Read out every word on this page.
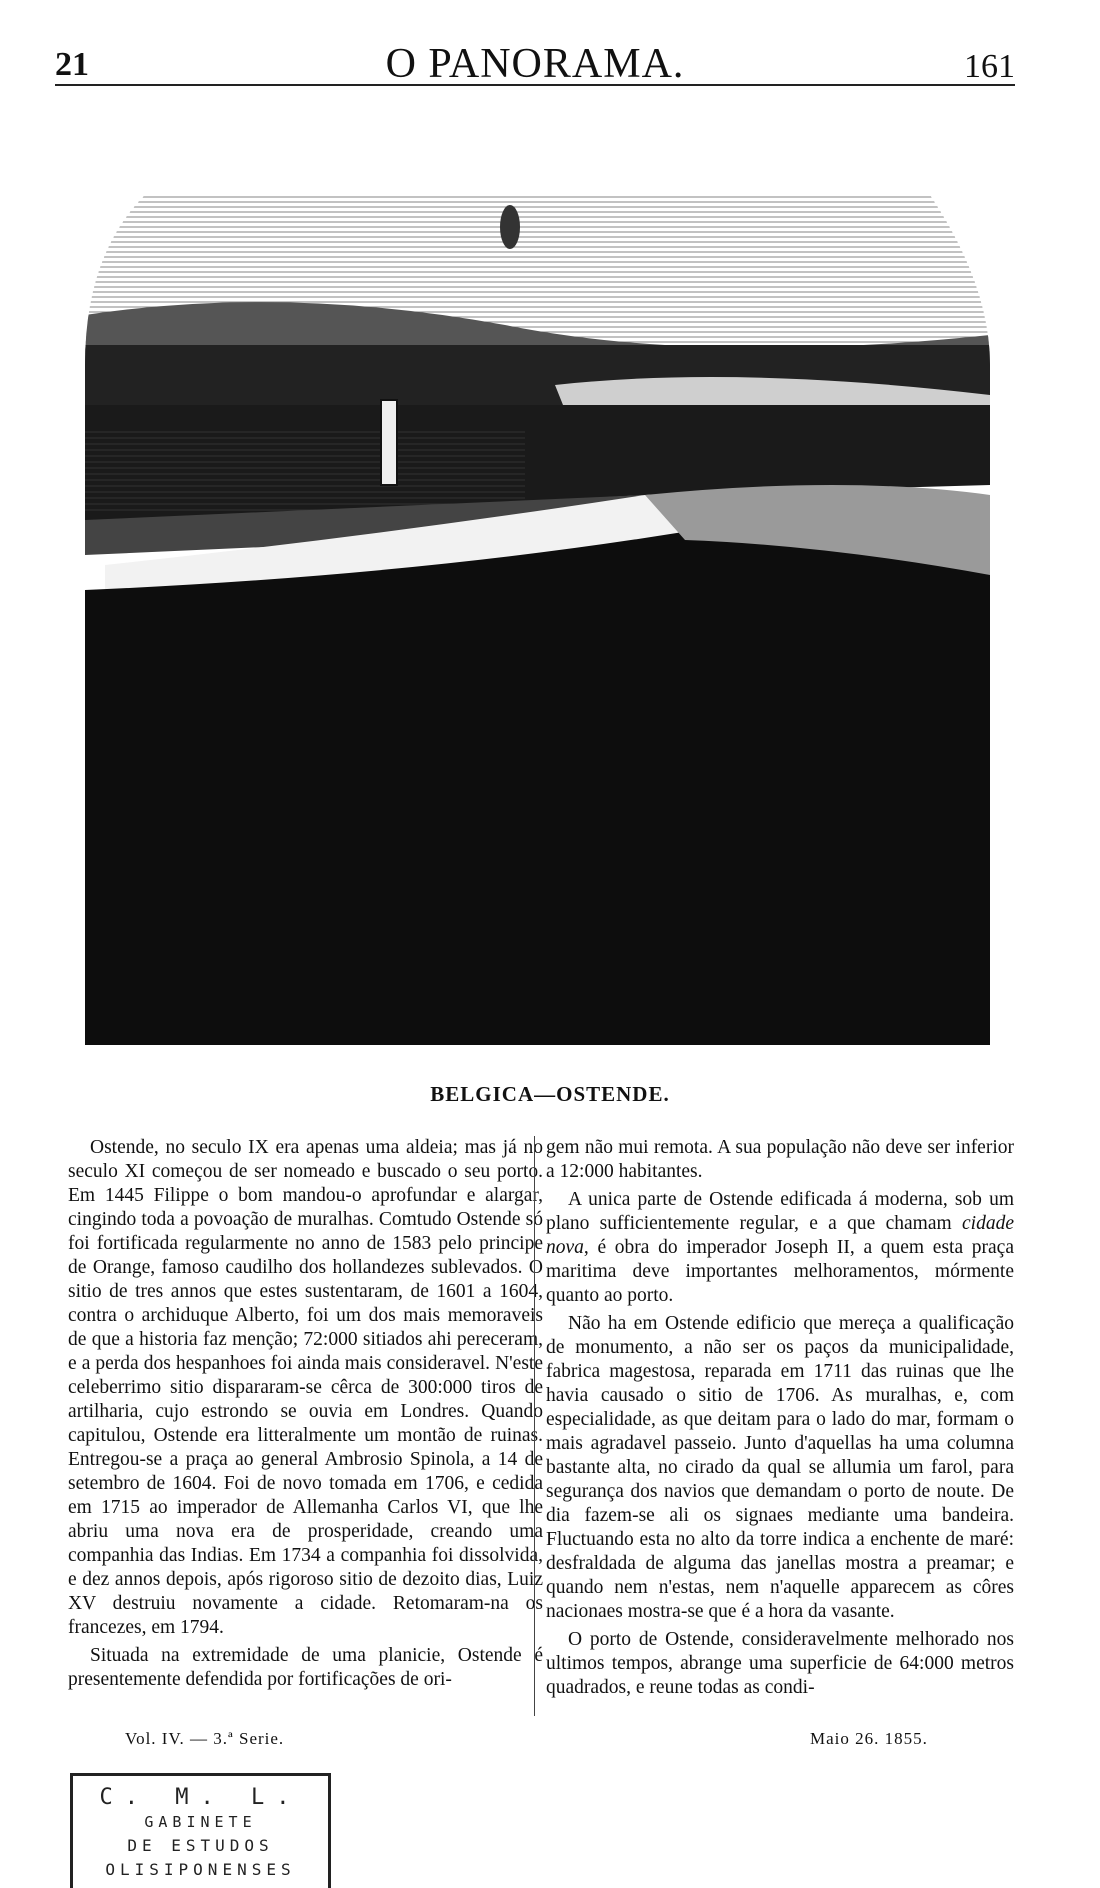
21	O PANORAMA.	161
BELGICA—OSTENDE.

Ostende, no seculo IX era apenas uma aldeia; mas já no seculo XI começou de ser nomeado e buscado o seu porto. Em 1445 Filippe o bom mandou-o aprofundar e alargar, cingindo toda a povoação de muralhas. Comtudo Ostende só foi fortificada regularmente no anno de 1583 pelo principe de Orange, famoso caudilho dos hollandezes sublevados. O sitio de tres annos que estes sustentaram, de 1601 a 1604, contra o archiduque Alberto, foi um dos mais memoraveis de que a historia faz menção; 72:000 sitiados ahi pereceram, e a perda dos hespanhoes foi ainda mais consideravel. N'este celeberrimo sitio dispararam-se cêrca de 300:000 tiros de artilharia, cujo estrondo se ouvia em Londres. Quando capitulou, Ostende era litteralmente um montão de ruinas. Entregou-se a praça ao general Ambrosio Spinola, a 14 de setembro de 1604. Foi de novo tomada em 1706, e cedida em 1715 ao imperador de Allemanha Carlos VI, que lhe abriu uma nova era de prosperidade, creando uma companhia das Indias. Em 1734 a companhia foi dissolvida, e dez annos depois, após rigoroso sitio de dezoito dias, Luiz XV destruiu novamente a cidade. Retomaram-na os francezes, em 1794.

Situada na extremidade de uma planicie, Ostende é presentemente defendida por fortificações de ori-

gem não mui remota. A sua população não deve ser inferior a 12:000 habitantes.

A unica parte de Ostende edificada á moderna, sob um plano sufficientemente regular, e a que chamam cidade nova, é obra do imperador Joseph II, a quem esta praça maritima deve importantes melhoramentos, mórmente quanto ao porto.

Não ha em Ostende edificio que mereça a qualificação de monumento, a não ser os paços da municipalidade, fabrica magestosa, reparada em 1711 das ruinas que lhe havia causado o sitio de 1706. As muralhas, e, com especialidade, as que deitam para o lado do mar, formam o mais agradavel passeio. Junto d'aquellas ha uma columna bastante alta, no cirado da qual se allumia um farol, para segurança dos navios que demandam o porto de noute. De dia fazem-se ali os signaes mediante uma bandeira. Fluctuando esta no alto da torre indica a enchente de maré: desfraldada de alguma das janellas mostra a preamar; e quando nem n'estas, nem n'aquelle apparecem as côres nacionaes mostra-se que é a hora da vasante.

O porto de Ostende, consideravelmente melhorado nos ultimos tempos, abrange uma superficie de 64:000 metros quadrados, e reune todas as condi-

Vol. IV. — 3.ª Serie.	Maio 26. 1855.
C. M. L.
GABINETE
DE ESTUDOS
OLISIPONENSES
